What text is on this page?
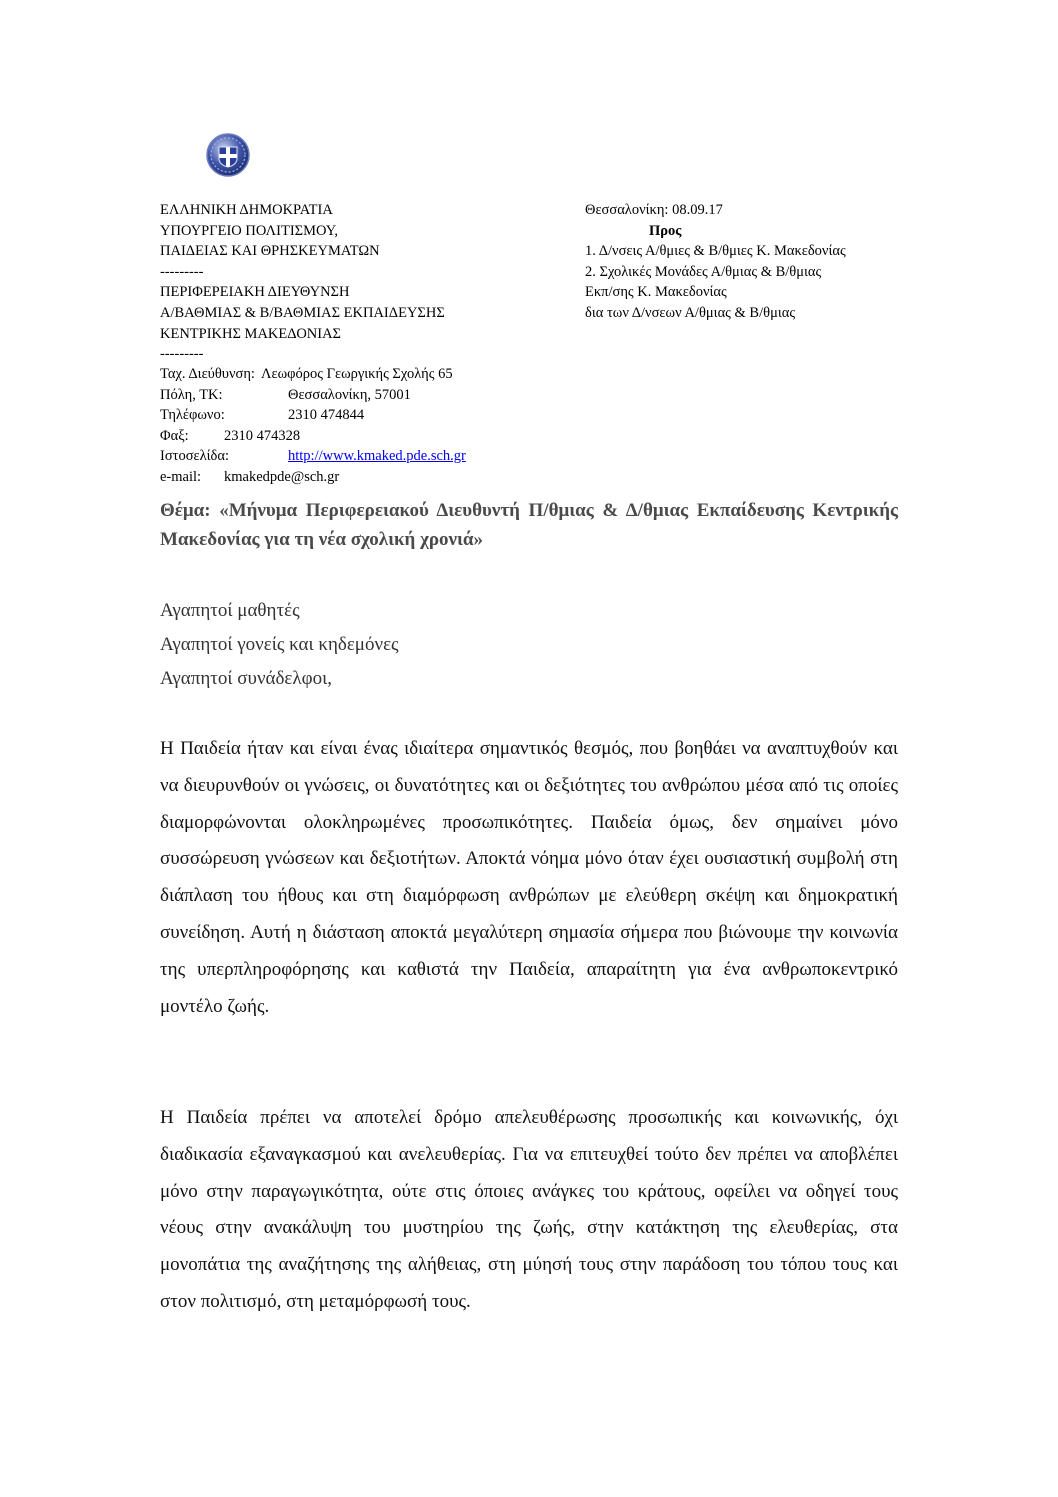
ΕΛΛΗΝΙΚΗ ΔΗΜΟΚΡΑΤΙΑ
ΥΠΟΥΡΓΕΙΟ ΠΟΛΙΤΙΣΜΟΥ,
ΠΑΙΔΕΙΑΣ ΚΑΙ ΘΡΗΣΚΕΥΜΑΤΩΝ
---------
ΠΕΡΙΦΕΡΕΙΑΚΗ ΔΙΕΥΘΥΝΣΗ
Α/ΒΑΘΜΙΑΣ & Β/ΒΑΘΜΙΑΣ ΕΚΠΑΙΔΕΥΣΗΣ
ΚΕΝΤΡΙΚΗΣ ΜΑΚΕΔΟΝΙΑΣ
---------
Θεσσαλονίκη: 08.09.17
Προς
1. Δ/νσεις Α/θμιες & Β/θμιες Κ. Μακεδονίας
2. Σχολικές Μονάδες Α/θμιας & Β/θμιας
Εκπ/σης Κ. Μακεδονίας
δια των Δ/νσεων Α/θμιας & Β/θμιας
Ταχ. Διεύθυνση: Λεωφόρος Γεωργικής Σχολής 65
Πόλη, ΤΚ:	Θεσσαλονίκη, 57001
Τηλέφωνο:	2310 474844
Φαξ: 2310 474328
Ιστοσελίδα:	http://www.kmaked.pde.sch.gr
e-mail: kmakedpde@sch.gr
Θέμα: «Μήνυμα Περιφερειακού Διευθυντή Π/θμιας & Δ/θμιας Εκπαίδευσης Κεντρικής Μακεδονίας για τη νέα σχολική χρονιά»
Αγαπητοί μαθητές
Αγαπητοί γονείς και κηδεμόνες
Αγαπητοί συνάδελφοι,
Η Παιδεία ήταν και είναι ένας ιδιαίτερα σημαντικός θεσμός, που βοηθάει να αναπτυχθούν και να διευρυνθούν οι γνώσεις, οι δυνατότητες και οι δεξιότητες του ανθρώπου μέσα από τις οποίες διαμορφώνονται ολοκληρωμένες προσωπικότητες. Παιδεία όμως, δεν σημαίνει μόνο συσσώρευση γνώσεων και δεξιοτήτων. Αποκτά νόημα μόνο όταν έχει ουσιαστική συμβολή στη διάπλαση του ήθους και στη διαμόρφωση ανθρώπων με ελεύθερη σκέψη και δημοκρατική συνείδηση. Αυτή η διάσταση αποκτά μεγαλύτερη σημασία σήμερα που βιώνουμε την κοινωνία της υπερπληροφόρησης και καθιστά την Παιδεία, απαραίτητη για ένα ανθρωποκεντρικό μοντέλο ζωής.
Η Παιδεία πρέπει να αποτελεί δρόμο απελευθέρωσης προσωπικής και κοινωνικής, όχι διαδικασία εξαναγκασμού και ανελευθερίας. Για να επιτευχθεί τούτο δεν πρέπει να αποβλέπει μόνο στην παραγωγικότητα, ούτε στις όποιες ανάγκες του κράτους, οφείλει να οδηγεί τους νέους στην ανακάλυψη του μυστηρίου της ζωής, στην κατάκτηση της ελευθερίας, στα μονοπάτια της αναζήτησης της αλήθειας, στη μύησή τους στην παράδοση του τόπου τους και στον πολιτισμό, στη μεταμόρφωσή τους.
